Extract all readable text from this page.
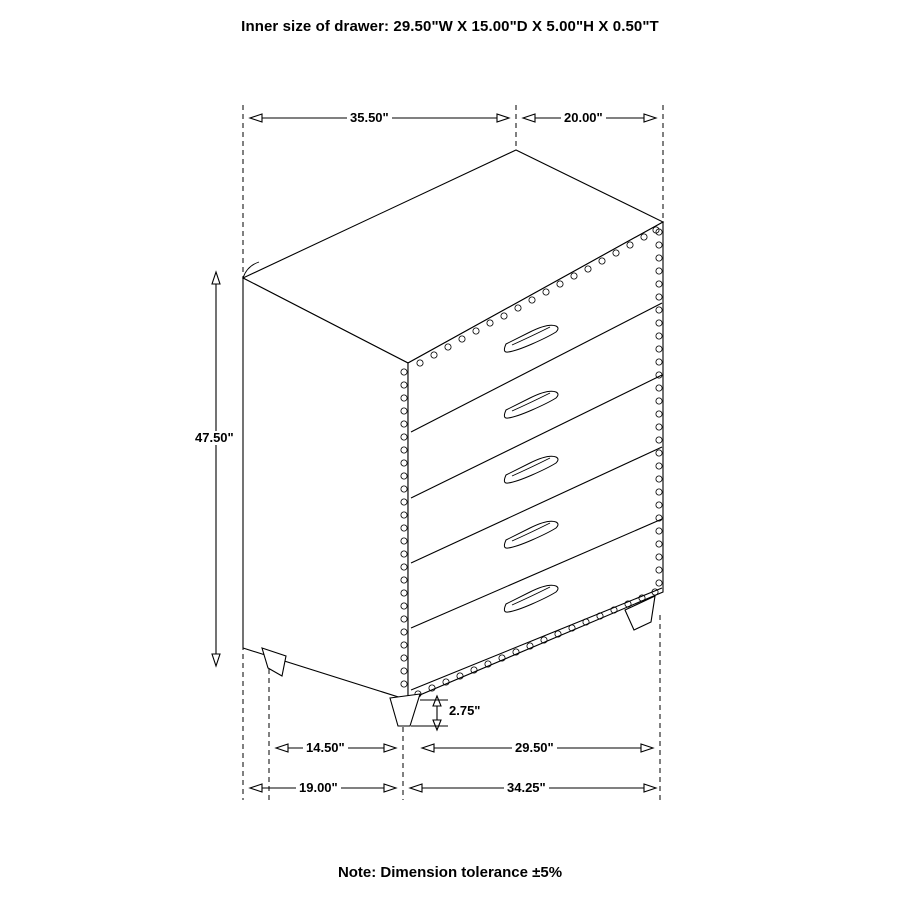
Inner size of drawer: 29.50"W X 15.00"D X 5.00"H X 0.50"T
35.50"	20.00"
47.50"
2.75"
14.50"	29.50"
19.00"	34.25"
Note: Dimension tolerance ±5%
